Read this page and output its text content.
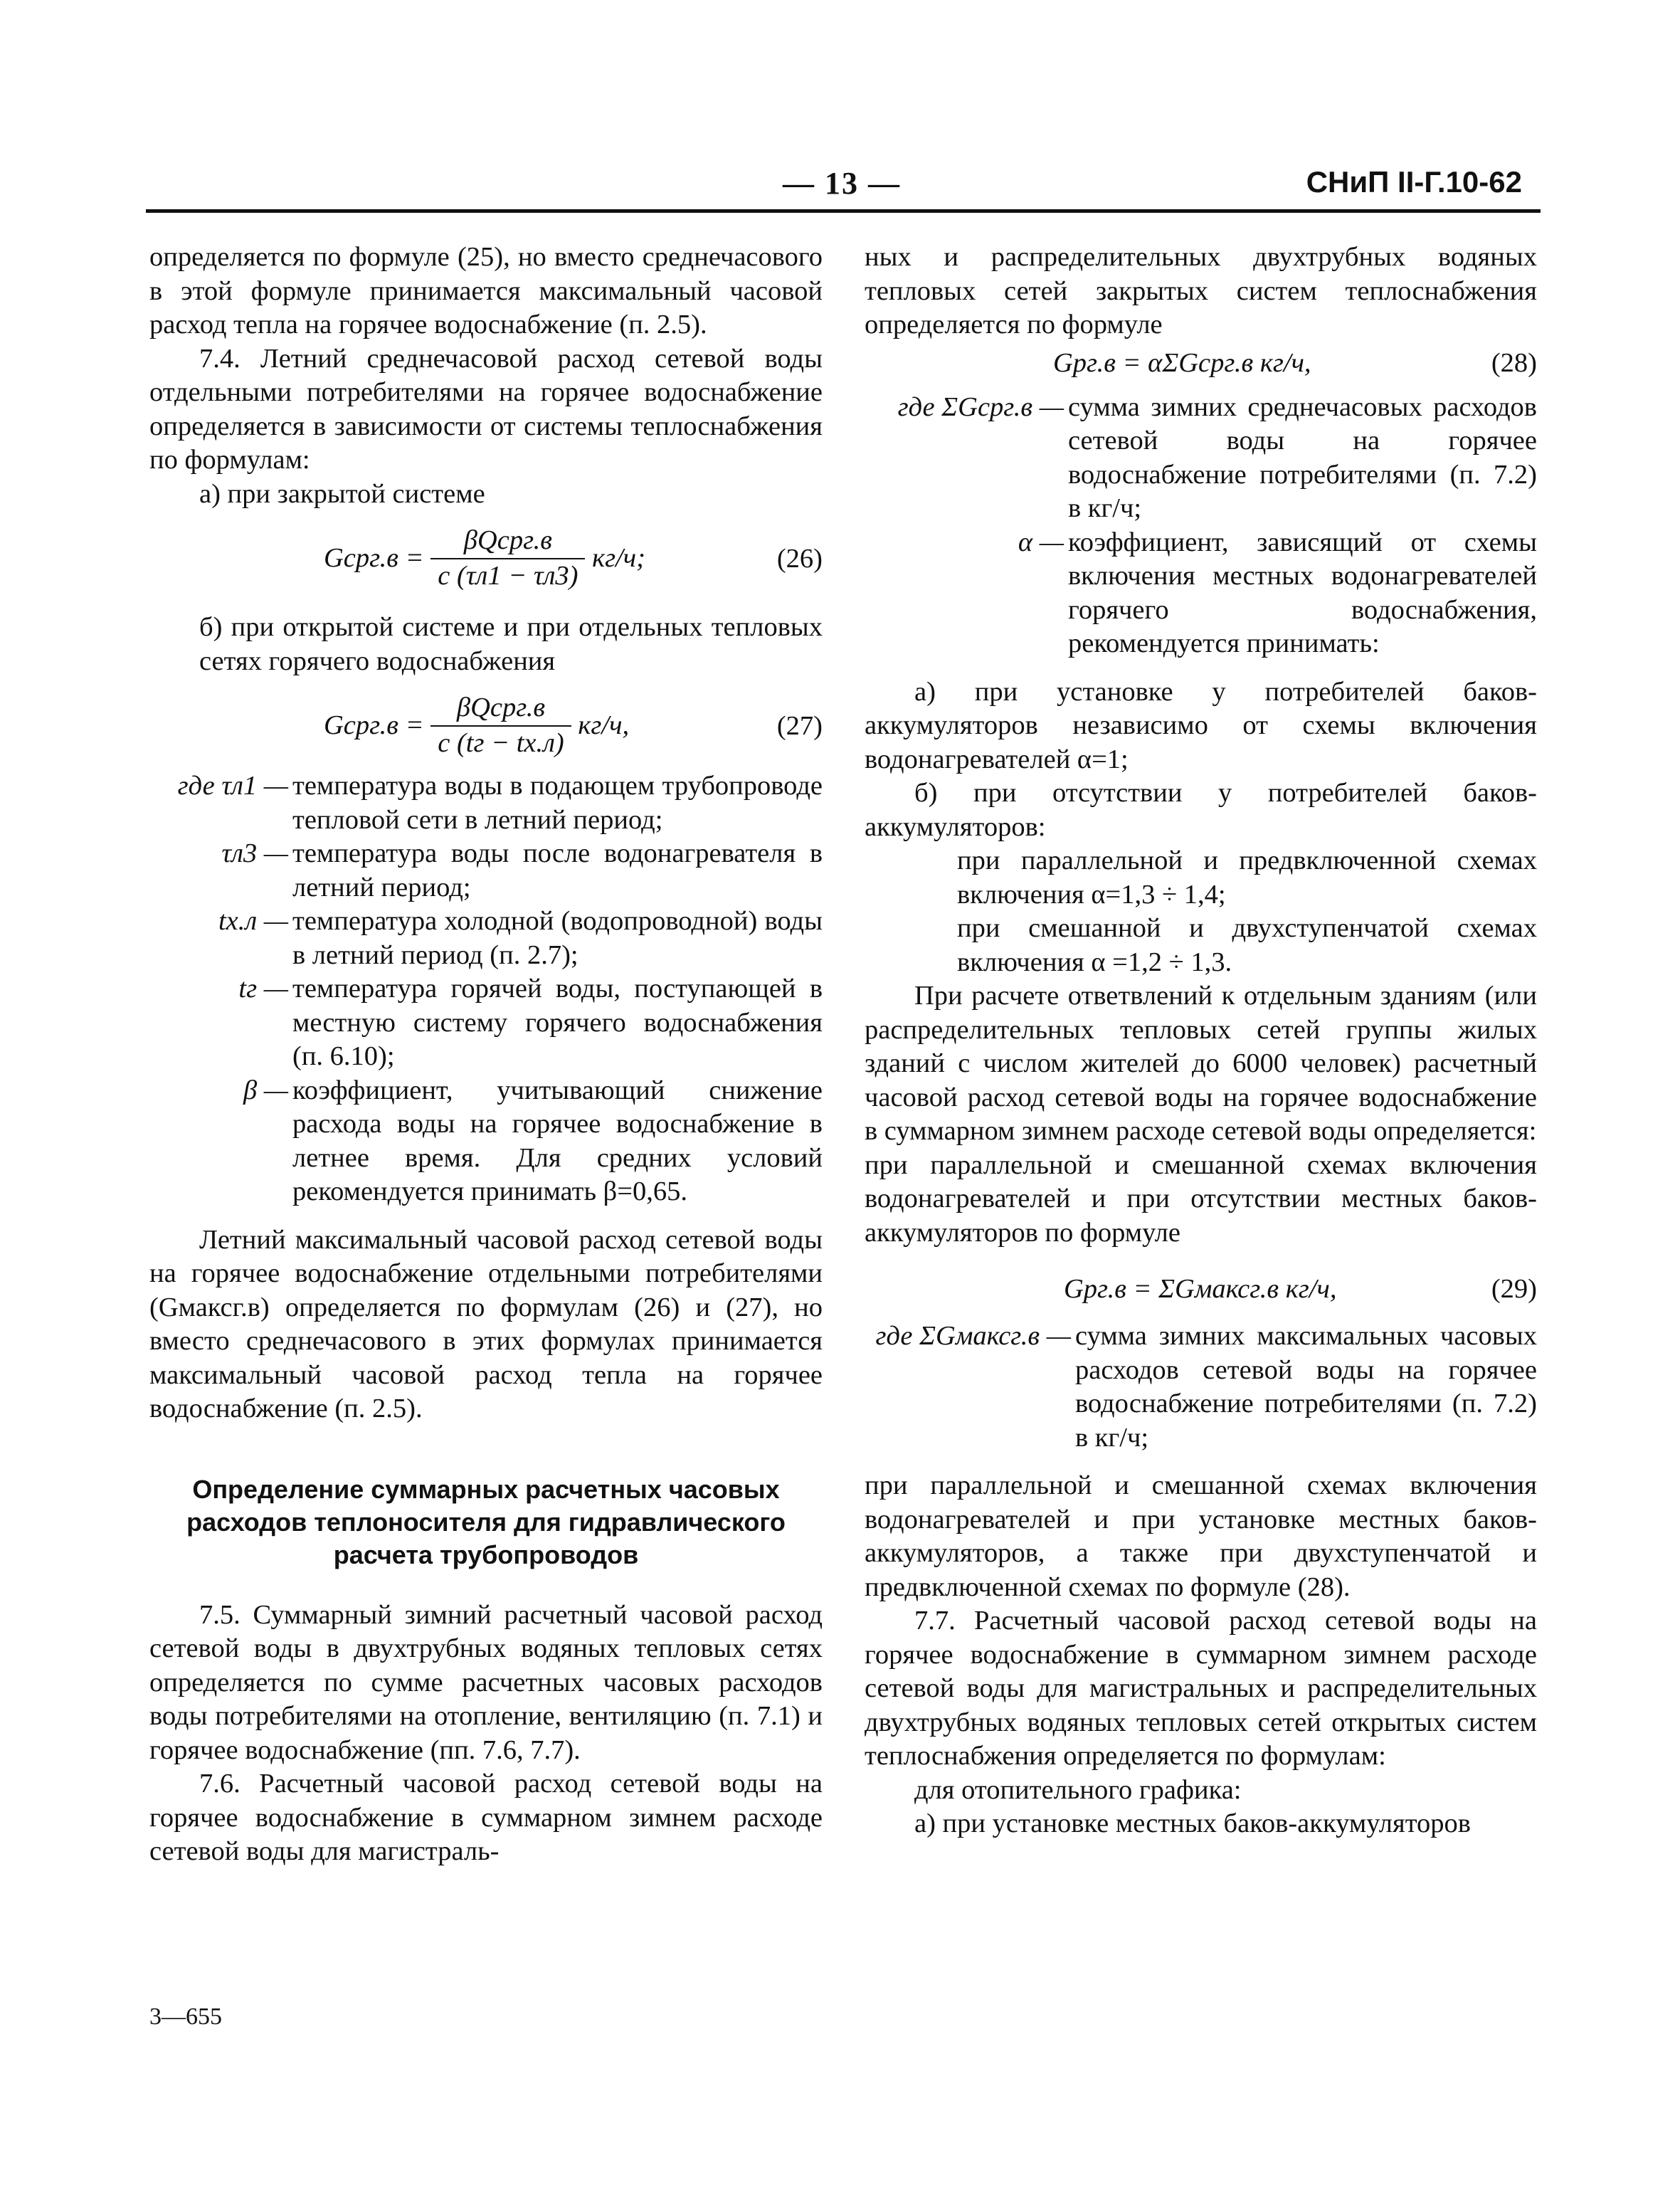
— 13 —	СНиП II-Г.10-62

определяется по формуле (25), но вместо среднечасового в этой формуле принимается максимальный часовой расход тепла на горячее водоснабжение (п. 2.5).

7.4. Летний среднечасовой расход сетевой воды отдельными потребителями на горячее водоснабжение определяется в зависимости от системы теплоснабжения по формулам:

а) при закрытой системе

Gсрг.в = $\frac{\text{βQсрг.в}}{c (\tau л1 - \tau л3)} кг/ч$;	(26)

б) при открытой системе и при отдельных тепловых сетях горячего водоснабжения

Gсрг.в = $\frac{\text{βQсрг.в}}{c (tг - tх.л)} кг/ч$,	(27)
где τл1 — температура воды в подающем трубопроводе тепловой сети в летний период;
τл3 — температура воды после водонагревателя в летний период;
tх.л — температура холодной (водопроводной) воды в летний период (п. 2.7);
tг — температура горячей воды, поступающей в местную систему горячего водоснабжения (п. 6.10);
β — коэффициент, учитывающий снижение расхода воды на горячее водоснабжение в летнее время. Для средних условий рекомендуется принимать β=0,65.

Летний максимальный часовой расход сетевой воды на горячее водоснабжение отдельными потребителями (Gмаксг.в) определяется по формулам (26) и (27), но вместо среднечасового в этих формулах принимается максимальный часовой расход тепла на горячее водоснабжение (п. 2.5).

Определение суммарных расчетных часовых расходов теплоносителя для гидравлического расчета трубопроводов

7.5. Суммарный зимний расчетный часовой расход сетевой воды в двухтрубных водяных тепловых сетях определяется по сумме расчетных часовых расходов воды потребителями на отопление, вентиляцию (п. 7.1) и горячее водоснабжение (пп. 7.6, 7.7).

7.6. Расчетный часовой расход сетевой воды на горячее водоснабжение в суммарном зимнем расходе сетевой воды для магистраль-

ных и распределительных двухтрубных водяных тепловых сетей закрытых систем теплоснабжения определяется по формуле

Gрг.в = αΣGсрг.в кг/ч,	(28)
где ΣGсрг.в — сумма зимних среднечасовых расходов сетевой воды на горячее водоснабжение потребителями (п. 7.2) в кг/ч;
α — коэффициент, зависящий от схемы включения местных водонагревателей горячего водоснабжения, рекомендуется принимать:

а) при установке у потребителей баков-аккумуляторов независимо от схемы включения водонагревателей α=1;

б) при отсутствии у потребителей баков-аккумуляторов:

при параллельной и предвключенной схемах включения α=1,3 ÷ 1,4;

при смешанной и двухступенчатой схемах включения α =1,2 ÷ 1,3.

При расчете ответвлений к отдельным зданиям (или распределительных тепловых сетей группы жилых зданий с числом жителей до 6000 человек) расчетный часовой расход сетевой воды на горячее водоснабжение в суммарном зимнем расходе сетевой воды определяется:

при параллельной и смешанной схемах включения водонагревателей и при отсутствии местных баков-аккумуляторов по формуле

Gрг.в = ΣGмаксг.в кг/ч,	(29)
где ΣGмаксг.в — сумма зимних максимальных часовых расходов сетевой воды на горячее водоснабжение потребителями (п. 7.2) в кг/ч;

при параллельной и смешанной схемах включения водонагревателей и при установке местных баков-аккумуляторов, а также при двухступенчатой и предвключенной схемах по формуле (28).

7.7. Расчетный часовой расход сетевой воды на горячее водоснабжение в суммарном зимнем расходе сетевой воды для магистральных и распределительных двухтрубных водяных тепловых сетей открытых систем теплоснабжения определяется по формулам:

для отопительного графика:

а) при установке местных баков-аккумуляторов

3—655
